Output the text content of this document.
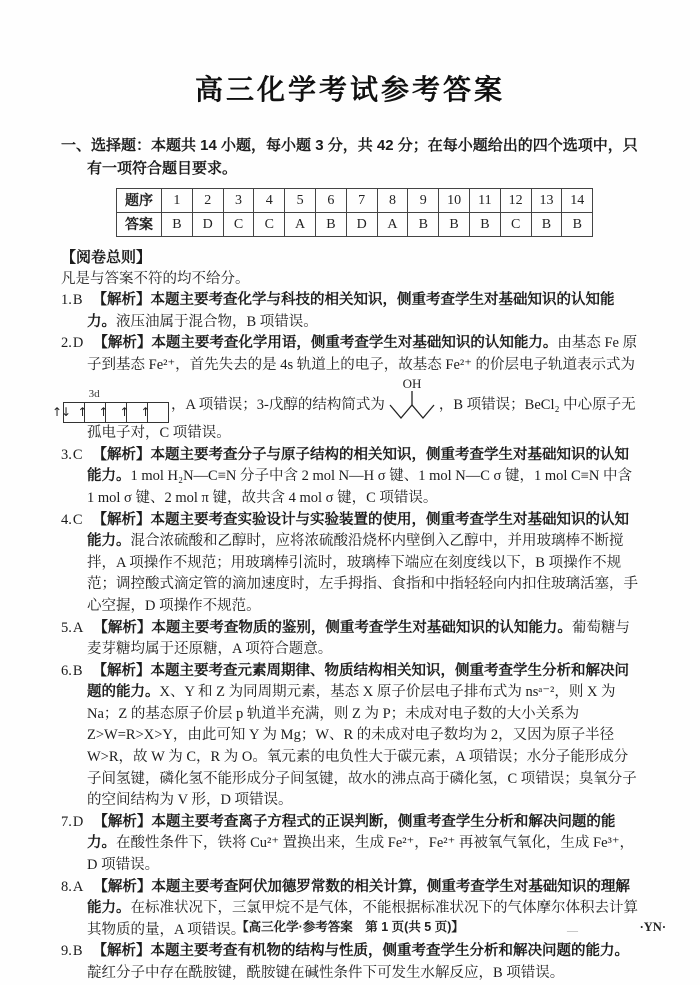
高三化学考试参考答案

一、选择题：本题共 14 小题，每小题 3 分，共 42 分；在每小题给出的四个选项中，只有一项符合题目要求。

题序	1	2	3	4	5	6	7	8	9	10	11	12	13	14
答案	B	D	C	C	A	B	D	A	B	B	B	C	B	B

【阅卷总则】

凡是与答案不符的均不给分。

1.B 【解析】本题主要考查化学与科技的相关知识，侧重考查学生对基础知识的认知能力。液压油属于混合物，B 项错误。

2.D 【解析】本题主要考查化学用语，侧重考查学生对基础知识的认知能力。由基态 Fe 原子到基态 Fe²⁺，首先失去的是 4s 轨道上的电子，故基态 Fe²⁺ 的价层电子轨道表示式为
3d
↑↓ ↑ ↑ ↑ ↑ ，A 项错误；3-戊醇的结构简式为
OH
，B 项错误；BeCl₂ 中心原子无孤电子对，C 项错误。

3.C 【解析】本题主要考查分子与原子结构的相关知识，侧重考查学生对基础知识的认知能力。1 mol H₂N—C≡N 分子中含 2 mol N—H σ 键、1 mol N—C σ 键，1 mol C≡N 中含 1 mol σ 键、2 mol π 键，故共含 4 mol σ 键，C 项错误。

4.C 【解析】本题主要考查实验设计与实验装置的使用，侧重考查学生对基础知识的认知能力。混合浓硫酸和乙醇时，应将浓硫酸沿烧杯内壁倒入乙醇中，并用玻璃棒不断搅拌，A 项操作不规范；用玻璃棒引流时，玻璃棒下端应在刻度线以下，B 项操作不规范；调控酸式滴定管的滴加速度时，左手拇指、食指和中指轻轻向内扣住玻璃活塞，手心空握，D 项操作不规范。

5.A 【解析】本题主要考查物质的鉴别，侧重考查学生对基础知识的认知能力。葡萄糖与麦芽糖均属于还原糖，A 项符合题意。

6.B 【解析】本题主要考查元素周期律、物质结构相关知识，侧重考查学生分析和解决问题的能力。X、Y 和 Z 为同周期元素，基态 X 原子价层电子排布式为 nsᵃ⁻²，则 X 为 Na；Z 的基态原子价层 p 轨道半充满，则 Z 为 P；未成对电子数的大小关系为 Z>W=R>X>Y，由此可知 Y 为 Mg；W、R 的未成对电子数均为 2，又因为原子半径 W>R，故 W 为 C，R 为 O。氧元素的电负性大于碳元素，A 项错误；水分子能形成分子间氢键，磷化氢不能形成分子间氢键，故水的沸点高于磷化氢，C 项错误；臭氧分子的空间结构为 V 形，D 项错误。

7.D 【解析】本题主要考查离子方程式的正误判断，侧重考查学生分析和解决问题的能力。在酸性条件下，铁将 Cu²⁺ 置换出来，生成 Fe²⁺，Fe²⁺ 再被氧气氧化，生成 Fe³⁺，D 项错误。

8.A 【解析】本题主要考查阿伏加德罗常数的相关计算，侧重考查学生对基础知识的理解能力。在标准状况下，三氯甲烷不是气体，不能根据标准状况下的气体摩尔体积去计算其物质的量，A 项错误。

9.B 【解析】本题主要考查有机物的结构与性质，侧重考查学生分析和解决问题的能力。靛红分子中存在酰胺键，酰胺键在碱性条件下可发生水解反应，B 项错误。

【高三化学·参考答案　第 1 页(共 5 页)】	—	·YN·
